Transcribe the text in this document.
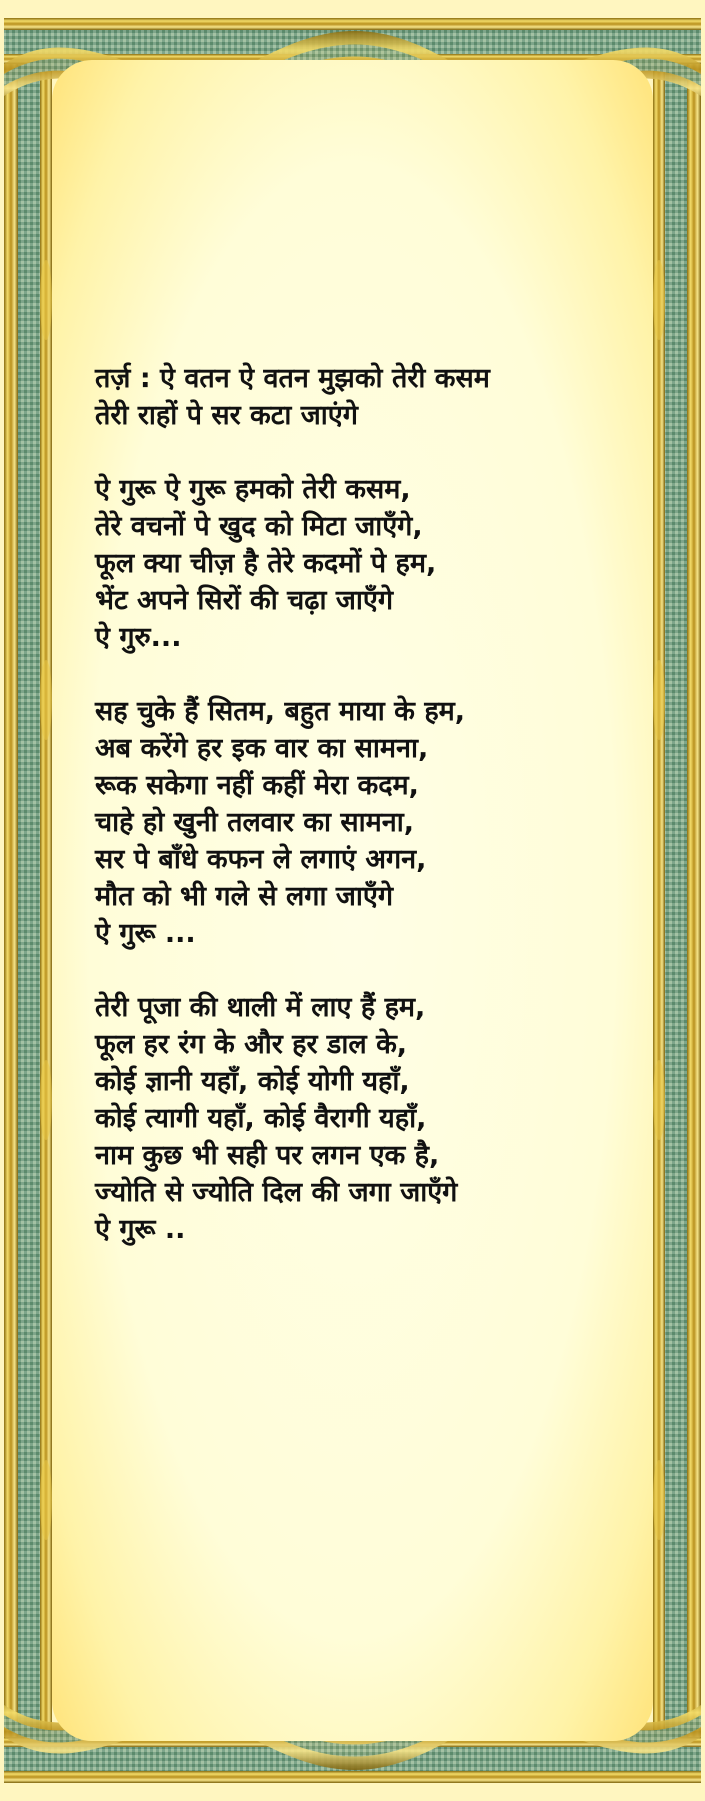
तर्ज़ : ऐ वतन ऐ वतन मुझको तेरी कसम
तेरी राहों पे सर कटा जाएंगे
ऐ गुरू ऐ गुरू हमको तेरी कसम,
तेरे वचनों पे खुद को मिटा जाएँगे,
फूल क्या चीज़ है तेरे कदमों पे हम,
भेंट अपने सिरों की चढ़ा जाएँगे
ऐ गुरु...
सह चुके हैं सितम, बहुत माया के हम,
अब करेंगे हर इक वार का सामना,
रूक सकेगा नहीं कहीं मेरा कदम,
चाहे हो खुनी तलवार का सामना,
सर पे बाँधे कफन ले लगाएं अगन,
मौत को भी गले से लगा जाएँगे
ऐ गुरू ...
तेरी पूजा की थाली में लाए हैं हम,
फूल हर रंग के और हर डाल के,
कोई ज्ञानी यहाँ, कोई योगी यहाँ,
कोई त्यागी यहाँ, कोई वैरागी यहाँ,
नाम कुछ भी सही पर लगन एक है,
ज्योति से ज्योति दिल की जगा जाएँगे
ऐ गुरू ..
